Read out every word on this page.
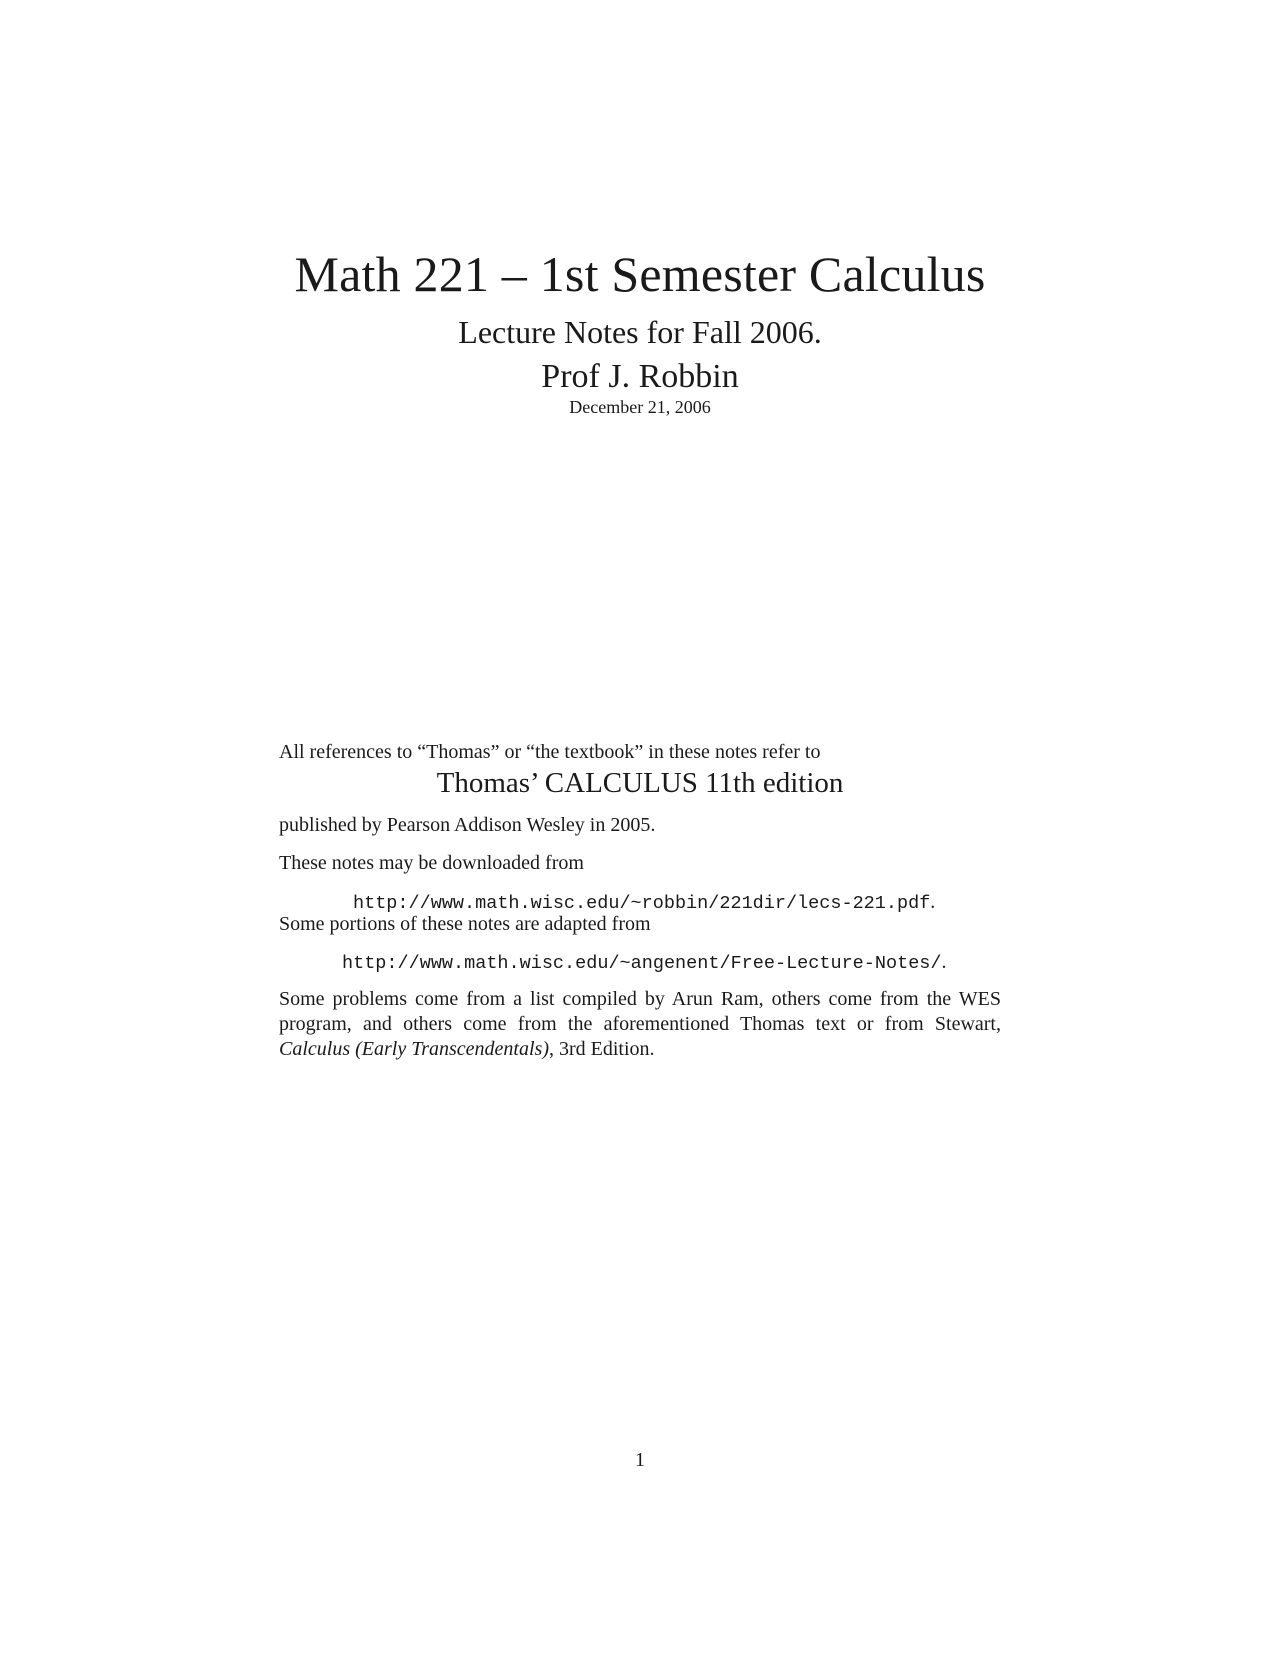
Math 221 – 1st Semester Calculus
Lecture Notes for Fall 2006.
Prof J. Robbin
December 21, 2006
All references to “Thomas” or “the textbook” in these notes refer to
Thomas’ CALCULUS 11th edition
published by Pearson Addison Wesley in 2005.
These notes may be downloaded from
http://www.math.wisc.edu/~robbin/221dir/lecs-221.pdf.
Some portions of these notes are adapted from
http://www.math.wisc.edu/~angenent/Free-Lecture-Notes/.
Some problems come from a list compiled by Arun Ram, others come from the WES program, and others come from the aforementioned Thomas text or from Stewart, Calculus (Early Transcendentals), 3rd Edition.
1
